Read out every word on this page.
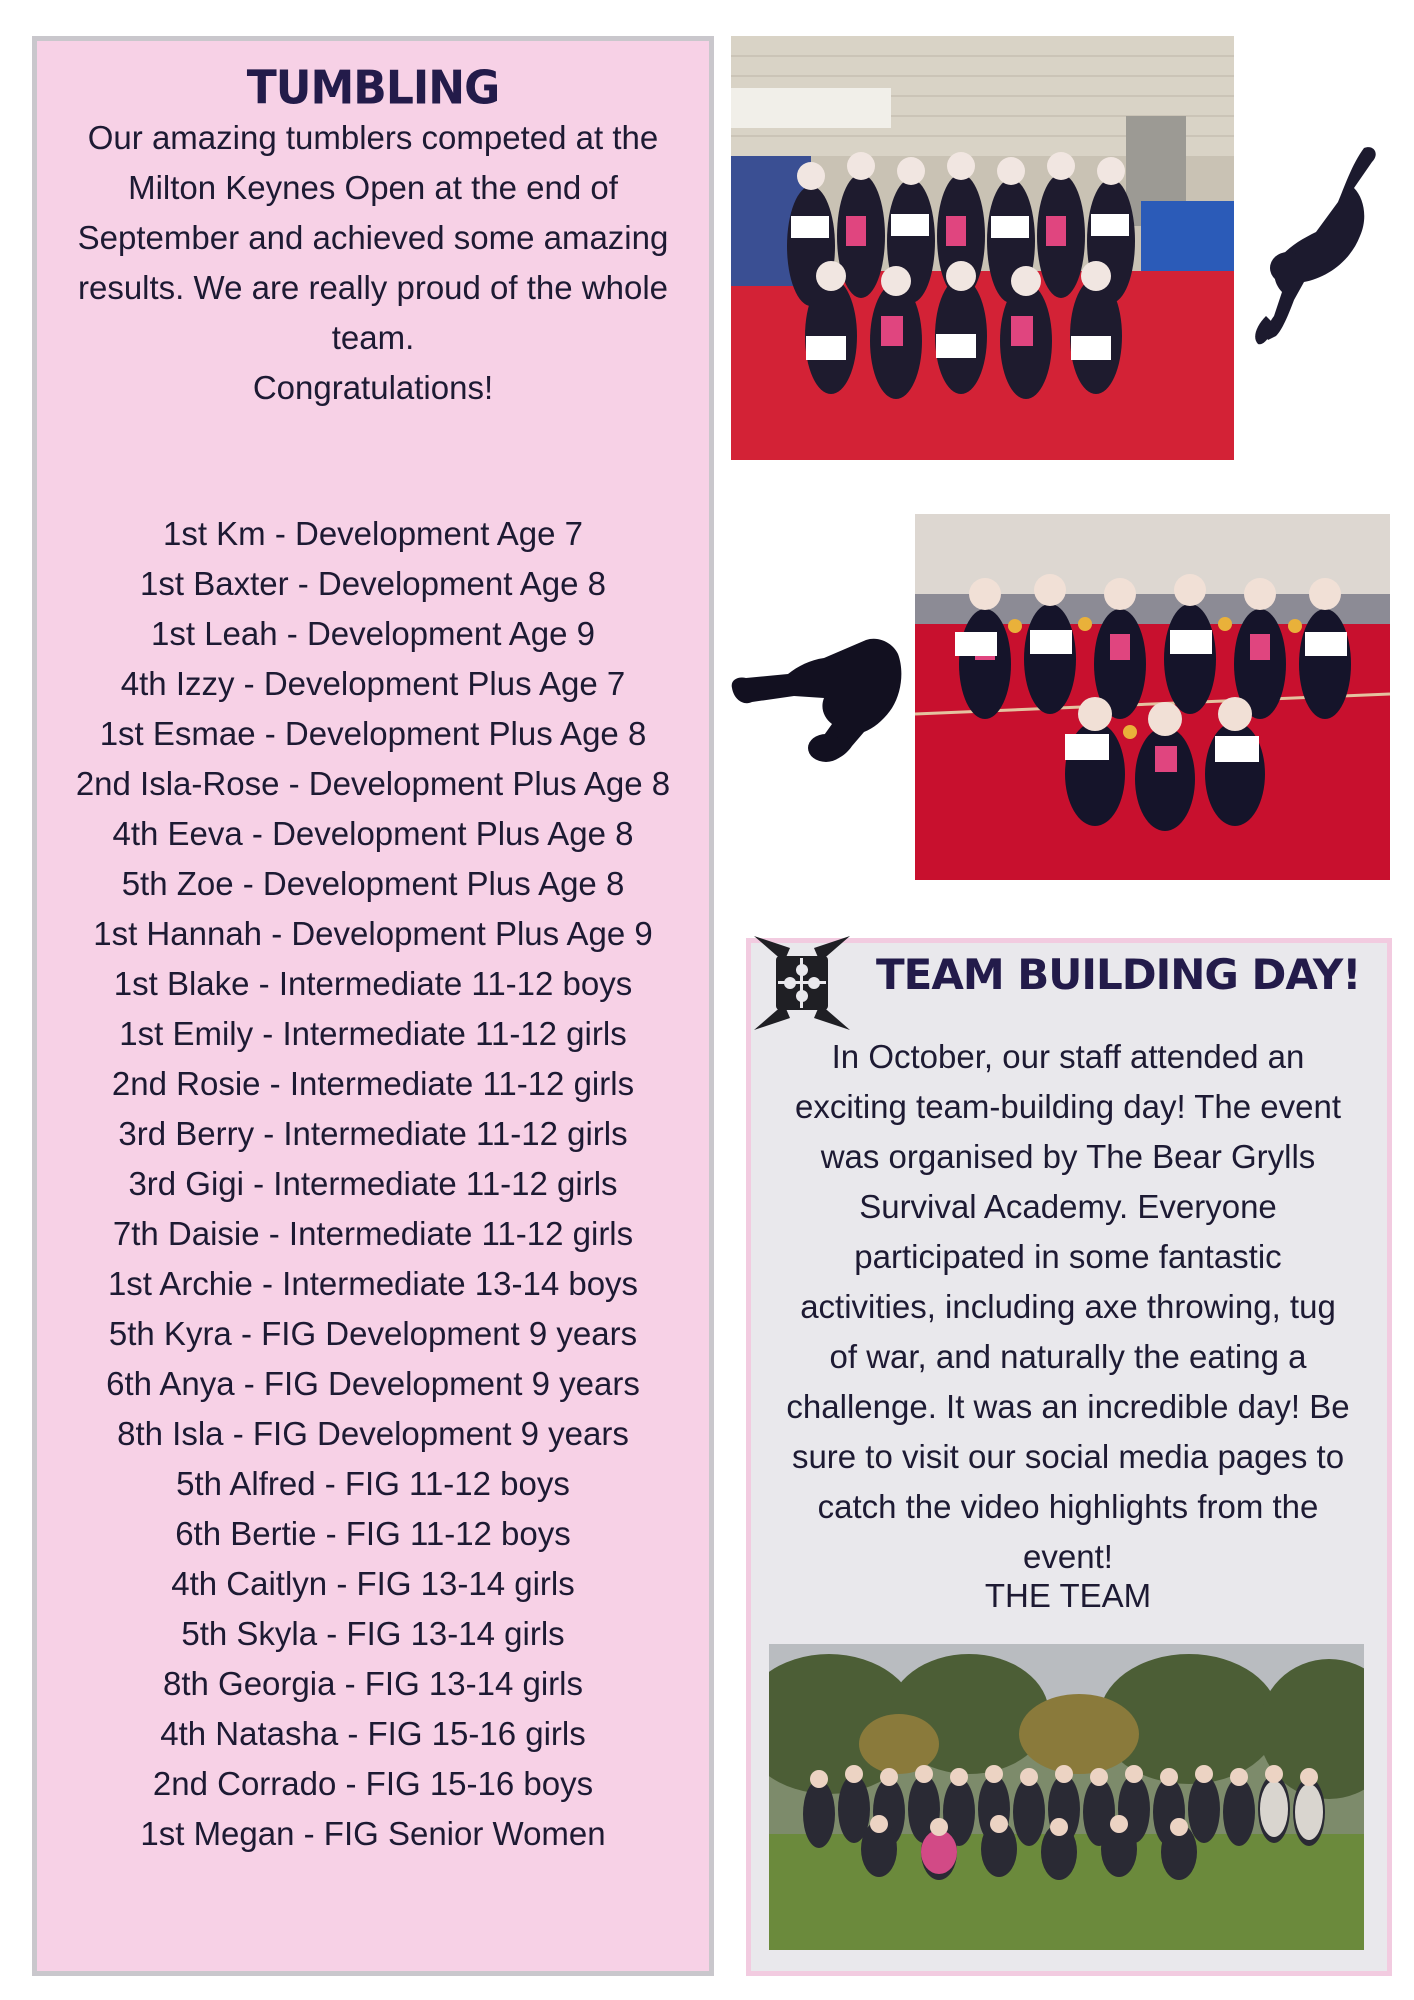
TUMBLING
Our amazing tumblers competed at the
Milton Keynes Open at the end of
September and achieved some amazing
results. We are really proud of the whole
team.
Congratulations!
1st Km - Development Age 7
1st Baxter - Development Age 8
1st Leah - Development Age 9
4th Izzy - Development Plus Age 7
1st Esmae - Development Plus Age 8
2nd Isla-Rose - Development Plus Age 8
4th Eeva - Development Plus Age 8
5th Zoe - Development Plus Age 8
1st Hannah - Development Plus Age 9
1st Blake - Intermediate 11-12 boys
1st Emily - Intermediate 11-12 girls
2nd Rosie - Intermediate 11-12 girls
3rd Berry - Intermediate 11-12 girls
3rd Gigi - Intermediate 11-12 girls
7th Daisie - Intermediate 11-12 girls
1st Archie - Intermediate 13-14 boys
5th Kyra - FIG Development 9 years
6th Anya - FIG Development 9 years
8th Isla - FIG Development 9 years
5th Alfred - FIG 11-12 boys
6th Bertie - FIG 11-12 boys
4th Caitlyn - FIG 13-14 girls
5th Skyla - FIG 13-14 girls
8th Georgia - FIG 13-14 girls
4th Natasha - FIG 15-16 girls
2nd Corrado - FIG 15-16 boys
1st Megan - FIG Senior Women
TEAM BUILDING DAY!
In October, our staff attended an
exciting team-building day! The event
was organised by The Bear Grylls
Survival Academy. Everyone
participated in some fantastic
activities, including axe throwing, tug
of war, and naturally the eating a
challenge. It was an incredible day! Be
sure to visit our social media pages to
catch the video highlights from the
event!
THE TEAM
